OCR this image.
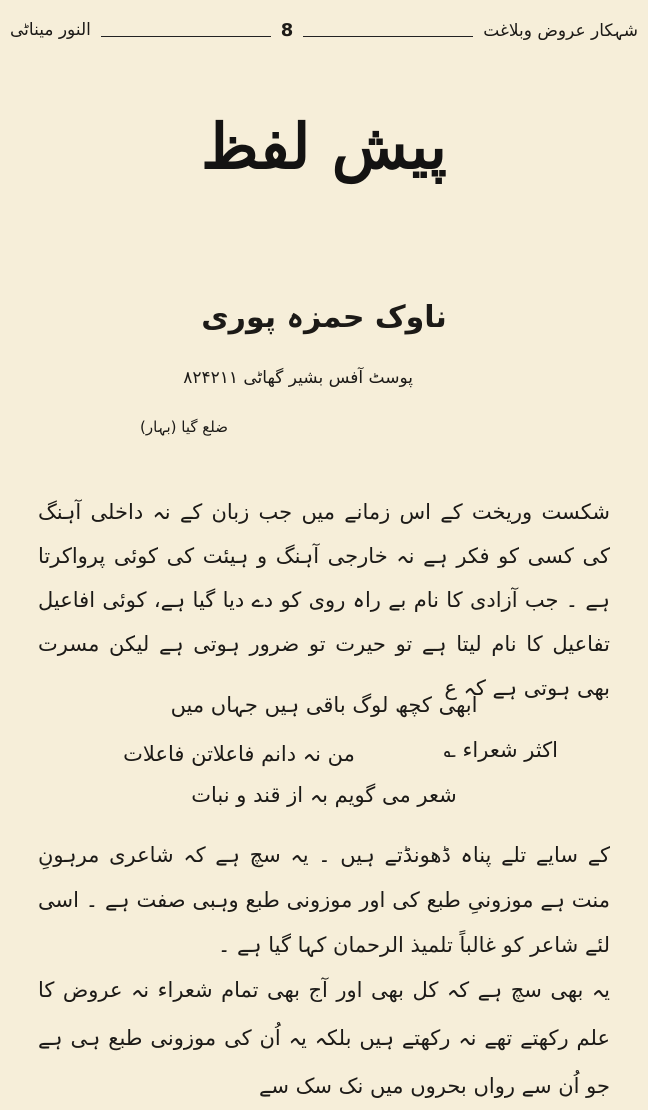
النور میناٹی	8	شہکار عروض وبلاغت
پیش لفظ
ناوک حمزہ پوری
پوسٹ آفس بشیر گھاٹی ۸۲۴۲۱۱
ضلع گیا (بہار)
شکست وریخت کے اس زمانے میں جب زبان کے نہ داخلی آہنگ کی کسی کو فکر ہے نہ خارجی آہنگ و ہیئت کی کوئی پرواکرتا ہے ۔ جب آزادی کا نام بے راہ روی کو دے دیا گیا ہے، کوئی افاعیل تفاعیل کا نام لیتا ہے تو حیرت تو ضرور ہوتی ہے لیکن مسرت بھی ہوتی ہے کہ ع
ابھی کچھ لوگ باقی ہیں جہاں میں
اکثر شعراء ؎
من نہ دانم فاعلاتن فاعلات
شعر می گویم بہ از قند و نبات
کے سایے تلے پناہ ڈھونڈتے ہیں ۔ یہ سچ ہے کہ شاعری مرہونِ منت ہے موزونیِ طبع کی اور موزونی طبع وہبی صفت ہے ۔ اسی لئے شاعر کو غالباً تلمیذ الرحمان کہا گیا ہے ۔
یہ بھی سچ ہے کہ کل بھی اور آج بھی تمام شعراء نہ عروض کا علم رکھتے تھے نہ رکھتے ہیں بلکہ یہ اُن کی موزونی طبع ہی ہے جو اُن سے رواں بحروں میں نک سک سے
